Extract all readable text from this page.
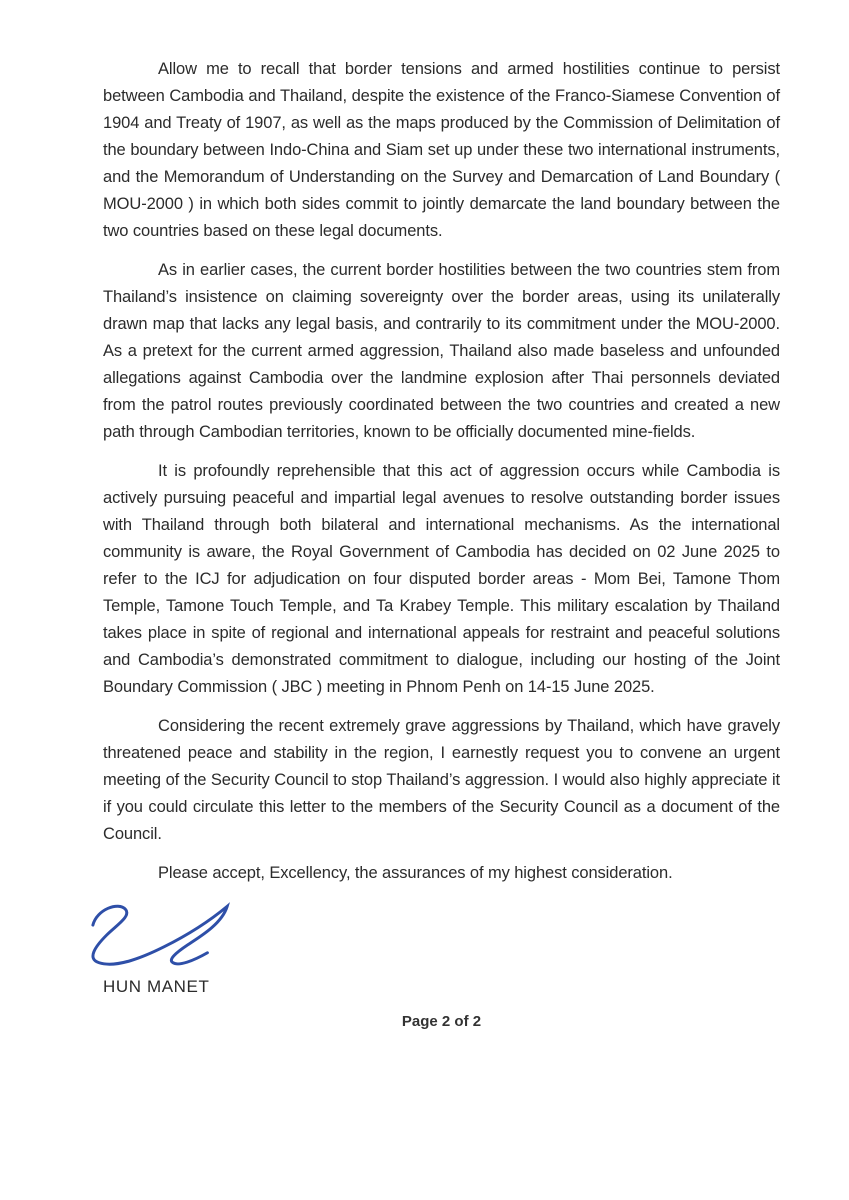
Allow me to recall that border tensions and armed hostilities continue to persist between Cambodia and Thailand, despite the existence of the Franco-Siamese Convention of 1904 and Treaty of 1907, as well as the maps produced by the Commission of Delimitation of the boundary between Indo-China and Siam set up under these two international instruments, and the Memorandum of Understanding on the Survey and Demarcation of Land Boundary ( MOU-2000 ) in which both sides commit to jointly demarcate the land boundary between the two countries based on these legal documents.

As in earlier cases, the current border hostilities between the two countries stem from Thailand’s insistence on claiming sovereignty over the border areas, using its unilaterally drawn map that lacks any legal basis, and contrarily to its commitment under the MOU-2000. As a pretext for the current armed aggression, Thailand also made baseless and unfounded allegations against Cambodia over the landmine explosion after Thai personnels deviated from the patrol routes previously coordinated between the two countries and created a new path through Cambodian territories, known to be officially documented mine-fields.

It is profoundly reprehensible that this act of aggression occurs while Cambodia is actively pursuing peaceful and impartial legal avenues to resolve outstanding border issues with Thailand through both bilateral and international mechanisms. As the international community is aware, the Royal Government of Cambodia has decided on 02 June 2025 to refer to the ICJ for adjudication on four disputed border areas - Mom Bei, Tamone Thom Temple, Tamone Touch Temple, and Ta Krabey Temple. This military escalation by Thailand takes place in spite of regional and international appeals for restraint and peaceful solutions and Cambodia’s demonstrated commitment to dialogue, including our hosting of the Joint Boundary Commission ( JBC ) meeting in Phnom Penh on 14-15 June 2025.

Considering the recent extremely grave aggressions by Thailand, which have gravely threatened peace and stability in the region, I earnestly request you to convene an urgent meeting of the Security Council to stop Thailand’s aggression. I would also highly appreciate it if you could circulate this letter to the members of the Security Council as a document of the Council.

Please accept, Excellency, the assurances of my highest consideration.

HUN MANET
Page 2 of 2
